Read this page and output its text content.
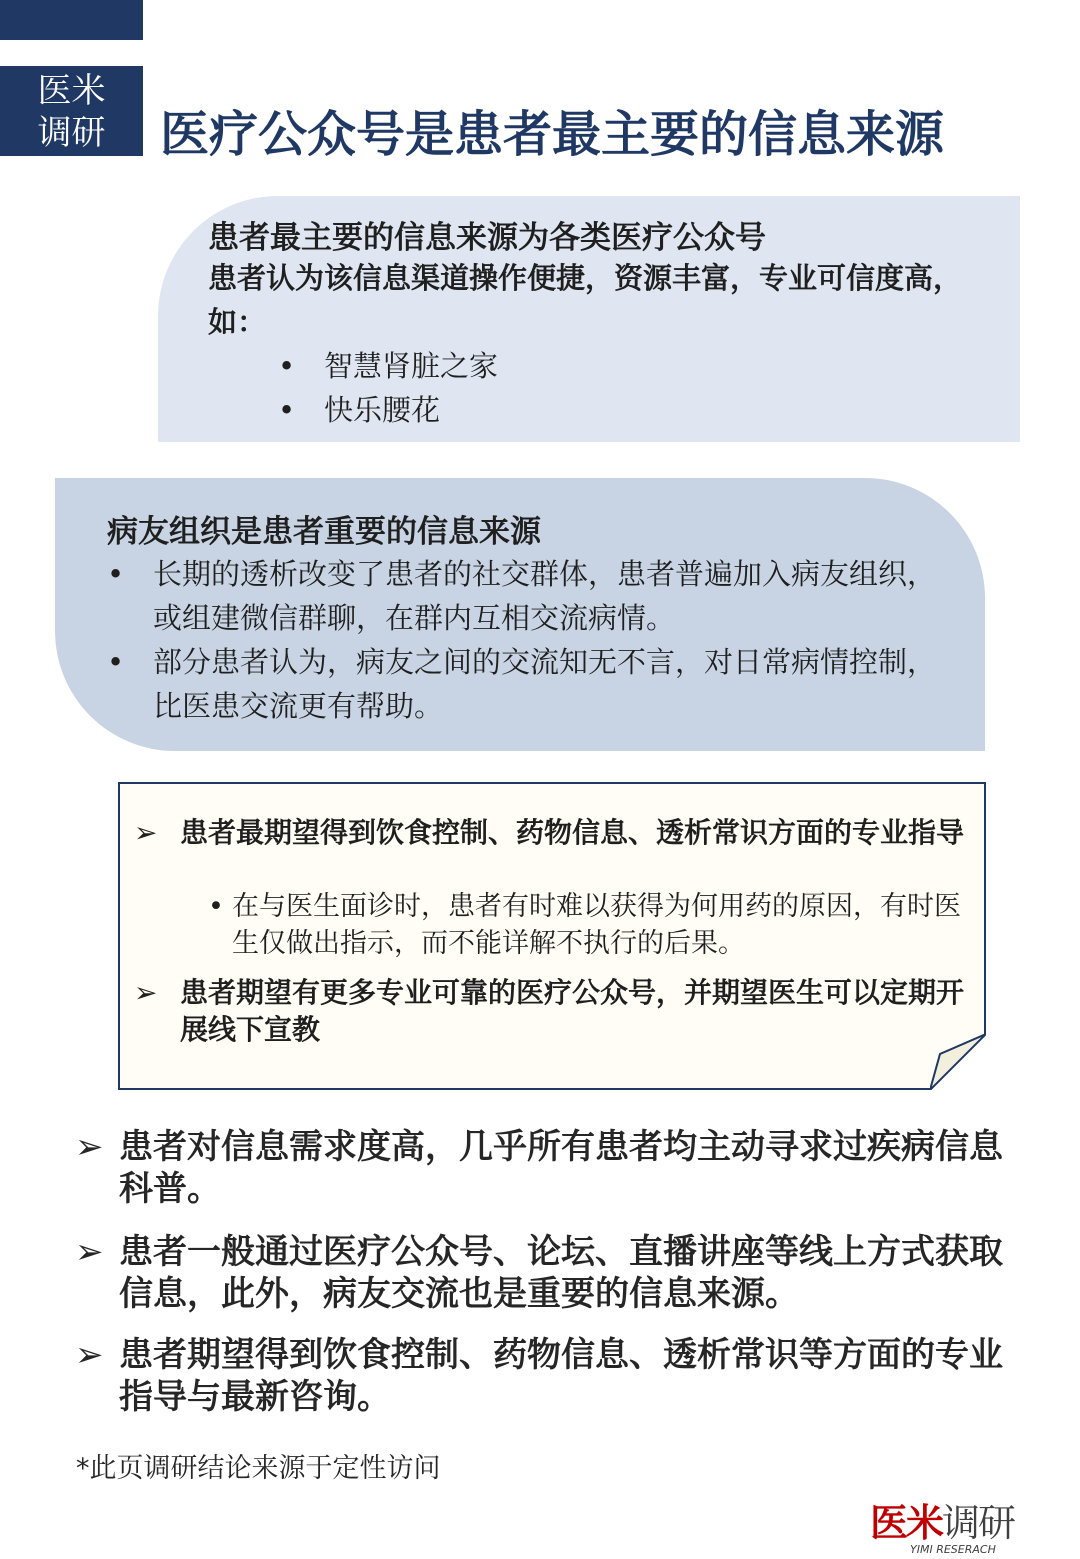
医米
调研	医疗公众号是患者最主要的信息来源
患者最主要的信息来源为各类医疗公众号
患者认为该信息渠道操作便捷，资源丰富，专业可信度高，如：
• 智慧肾脏之家
• 快乐腰花
病友组织是患者重要的信息来源
• 长期的透析改变了患者的社交群体，患者普遍加入病友组织，或组建微信群聊，在群内互相交流病情。
• 部分患者认为，病友之间的交流知无不言，对日常病情控制，比医患交流更有帮助。
➢ 患者最期望得到饮食控制、药物信息、透析常识方面的专业指导
• 在与医生面诊时，患者有时难以获得为何用药的原因，有时医生仅做出指示，而不能详解不执行的后果。
➢ 患者期望有更多专业可靠的医疗公众号，并期望医生可以定期开展线下宣教
➢ 患者对信息需求度高，几乎所有患者均主动寻求过疾病信息科普。
➢ 患者一般通过医疗公众号、论坛、直播讲座等线上方式获取信息，此外，病友交流也是重要的信息来源。
➢ 患者期望得到饮食控制、药物信息、透析常识等方面的专业指导与最新咨询。
*此页调研结论来源于定性访问
医米调研
YIMI RESERACH
